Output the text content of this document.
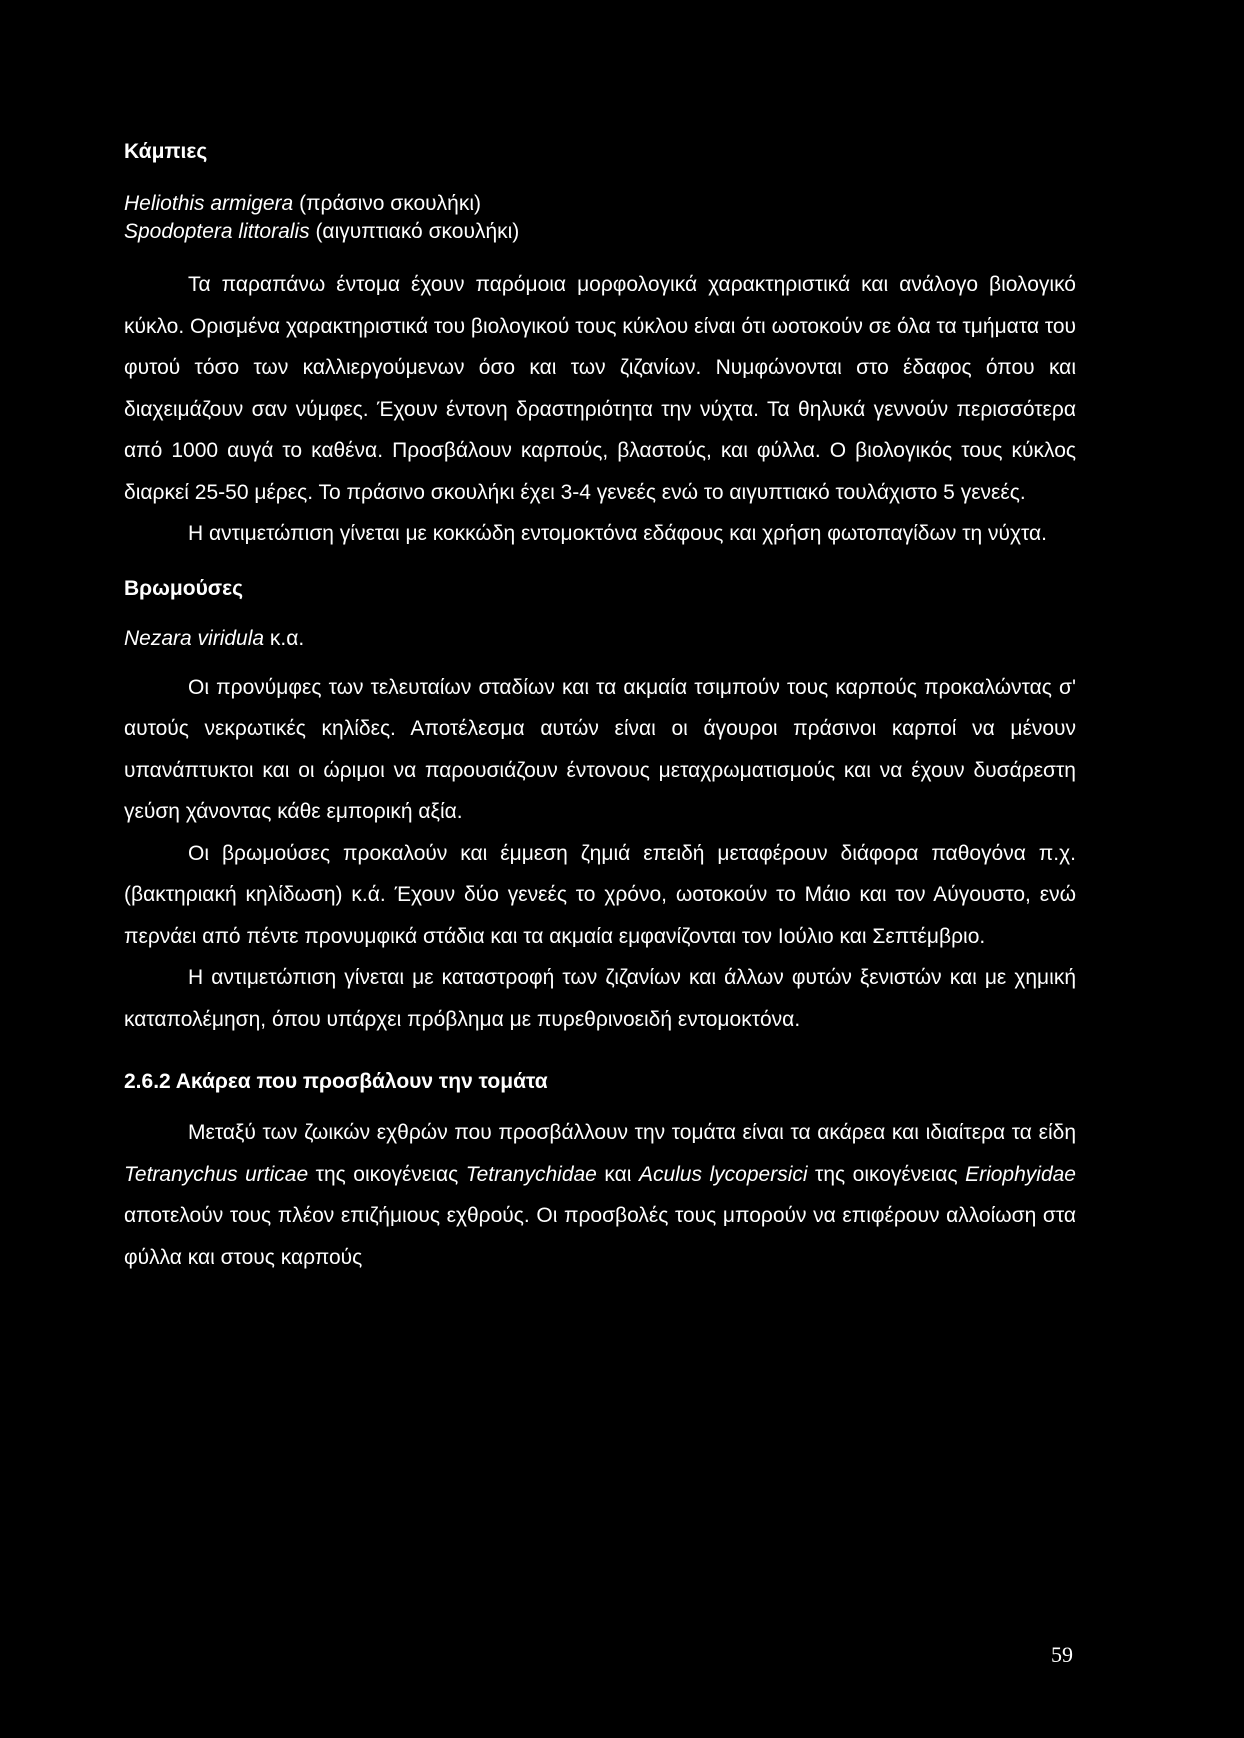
Κάμπιες
Heliothis armigera (πράσινο σκουλήκι)
Spodoptera littoralis (αιγυπτιακό σκουλήκι)

Τα παραπάνω έντομα έχουν παρόμοια μορφολογικά χαρακτηριστικά και ανάλογο βιολογικό κύκλο. Ορισμένα χαρακτηριστικά του βιολογικού τους κύκλου είναι ότι ωοτοκούν σε όλα τα τμήματα του φυτού τόσο των καλλιεργούμενων όσο και των ζιζανίων. Νυμφώνονται στο έδαφος όπου και διαχειμάζουν σαν νύμφες. Έχουν έντονη δραστηριότητα την νύχτα. Τα θηλυκά γεννούν περισσότερα από 1000 αυγά το καθένα. Προσβάλουν καρπούς, βλαστούς, και φύλλα. Ο βιολογικός τους κύκλος διαρκεί 25-50 μέρες. Το πράσινο σκουλήκι έχει 3-4 γενεές ενώ το αιγυπτιακό τουλάχιστο 5 γενεές.

Η αντιμετώπιση γίνεται με κοκκώδη εντομοκτόνα εδάφους και χρήση φωτοπαγίδων τη νύχτα.

Βρωμούσες
Nezara viridula κ.α.

Οι προνύμφες των τελευταίων σταδίων και τα ακμαία τσιμπούν τους καρπούς προκαλώντας σ' αυτούς νεκρωτικές κηλίδες. Αποτέλεσμα αυτών είναι οι άγουροι πράσινοι καρποί να μένουν υπανάπτυκτοι και οι ώριμοι να παρουσιάζουν έντονους μεταχρωματισμούς και να έχουν δυσάρεστη γεύση χάνοντας κάθε εμπορική αξία.

Οι βρωμούσες προκαλούν και έμμεση ζημιά επειδή μεταφέρουν διάφορα παθογόνα π.χ. (βακτηριακή κηλίδωση) κ.ά. Έχουν δύο γενεές το χρόνο, ωοτοκούν το Μάιο και τον Αύγουστο, ενώ περνάει από πέντε προνυμφικά στάδια και τα ακμαία εμφανίζονται τον Ιούλιο και Σεπτέμβριο.

Η αντιμετώπιση γίνεται με καταστροφή των ζιζανίων και άλλων φυτών ξενιστών και με χημική καταπολέμηση, όπου υπάρχει πρόβλημα με πυρεθρινοειδή εντομοκτόνα.

2.6.2 Ακάρεα που προσβάλουν την τομάτα

Μεταξύ των ζωικών εχθρών που προσβάλλουν την τομάτα είναι τα ακάρεα και ιδιαίτερα τα είδη Tetranychus urticae της οικογένειας Tetranychidae και Aculus lycopersici της οικογένειας Eriophyidae αποτελούν τους πλέον επιζήμιους εχθρούς. Οι προσβολές τους μπορούν να επιφέρουν αλλοίωση στα φύλλα και στους καρπούς

59
